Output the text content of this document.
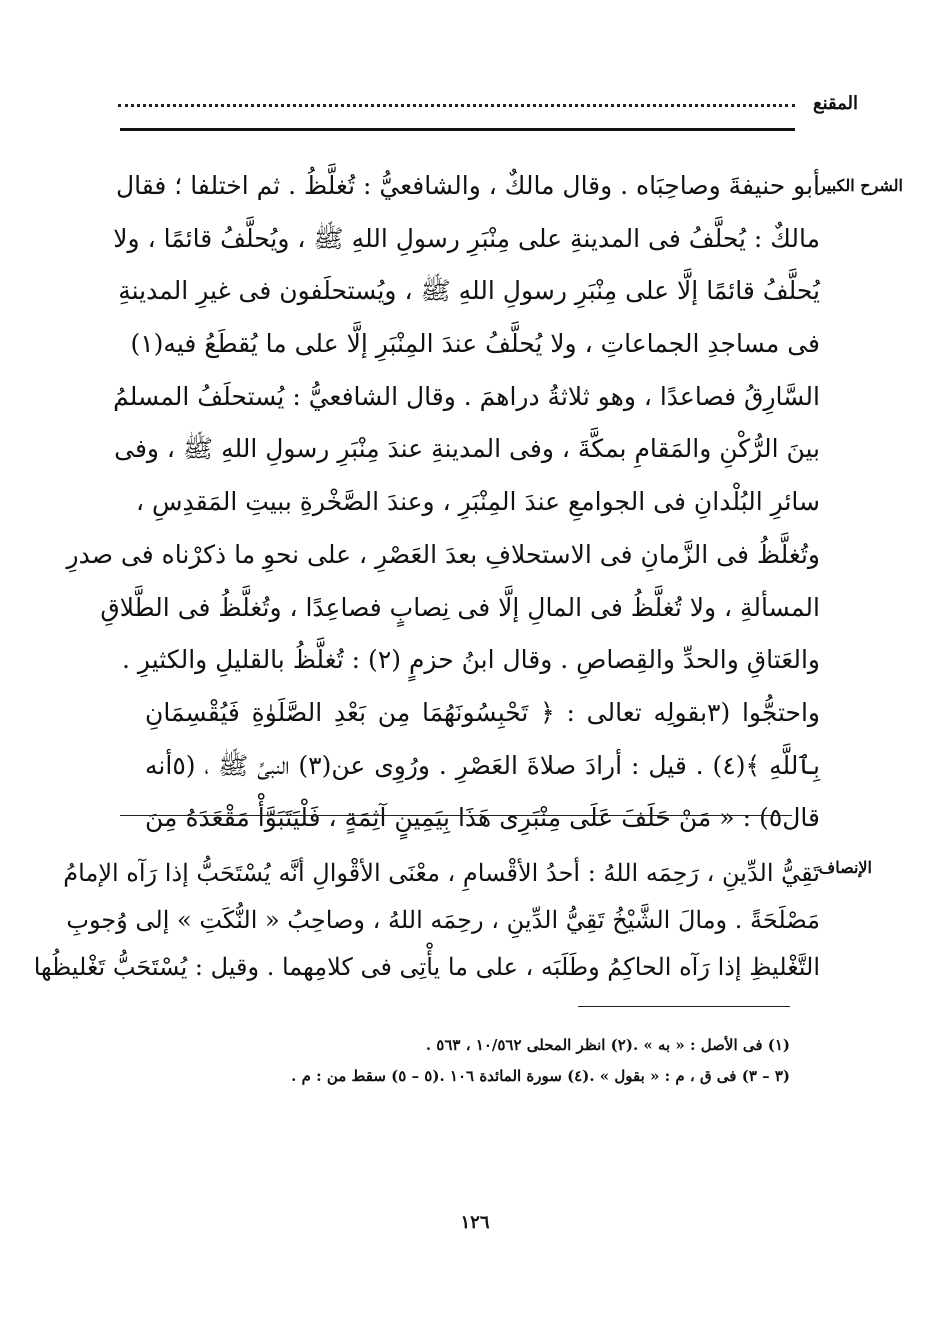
المقنع
الشرح الكبير
أبو حنيفةَ وصاحِبَاه . وقال مالكٌ ، والشافعيُّ : تُغلَّظُ . ثم اختلفا ؛ فقال
مالكٌ : يُحلَّفُ فى المدينةِ على مِنْبَرِ رسولِ اللهِ ﷺ ، ويُحلَّفُ قائمًا ، ولا
يُحلَّفُ قائمًا إلَّا على مِنْبَرِ رسولِ اللهِ ﷺ ، ويُستحلَفون فى غيرِ المدينةِ
فى مساجدِ الجماعاتِ ، ولا يُحلَّفُ عندَ المِنْبَرِ إلَّا على ما يُقطَعُ فيه(١)
السَّارِقُ فصاعدًا ، وهو ثلاثةُ دراهمَ . وقال الشافعيُّ : يُستحلَفُ المسلمُ
بينَ الرُّكْنِ والمَقامِ بمكَّةَ ، وفى المدينةِ عندَ مِنْبَرِ رسولِ اللهِ ﷺ ، وفى
سائرِ البُلْدانِ فى الجوامعِ عندَ المِنْبَرِ ، وعندَ الصَّخْرةِ ببيتِ المَقدِسِ ،
وتُغلَّظُ فى الزَّمانِ فى الاستحلافِ بعدَ العَصْرِ ، على نحوِ ما ذكرْناه فى صدرِ
المسألةِ ، ولا تُغلَّظُ فى المالِ إلَّا فى نِصابٍ فصاعِدًا ، وتُغلَّظُ فى الطَّلاقِ
والعَتاقِ والحدِّ والقِصاصِ . وقال ابنُ حزمٍ (٢) : تُغلَّظُ بالقليلِ والكثيرِ .
واحتجُّوا (٣بقولِه تعالى : ﴿ تَحْبِسُونَهُمَا مِن بَعْدِ الصَّلَوٰةِ فَيُقْسِمَانِ
بِٱللَّهِ ﴾(٤) . قيل : أرادَ صلاةَ العَصْرِ . ورُوِى عن(٣) النبىِّ ﷺ ، (٥أنه
قال٥) : « مَنْ حَلَفَ عَلَى مِنْبَرِى هَذَا بِيَمِينٍ آثِمَةٍ ، فَلْيَتَبَوَّأْ مَقْعَدَهُ مِنَ
الإنصاف
تَقِيُّ الدِّينِ ، رَحِمَه اللهُ : أحدُ الأقْسامِ ، معْنَى الأقْوالِ أنَّه يُسْتَحَبُّ إذا رَآه الإمامُ
مَصْلَحَةً . ومالَ الشَّيْخُ تَقِيُّ الدِّينِ ، رحِمَه اللهُ ، وصاحِبُ « النُّكَتِ » إلى وُجوبِ
التَّغْليظِ إذا رَآه الحاكِمُ وطَلَبَه ، على ما يأْتِى فى كلامِهما . وقيل : يُسْتَحَبُّ تَغْليظُها
(١) فى الأصل : « به » .(٢) انظر المحلى ١٠/٥٦٢ ، ٥٦٣ .(٣ – ٣) فى ق ، م : « بقول » .(٤) سورة المائدة ١٠٦ .(٥ – ٥) سقط من : م .
١٢٦
